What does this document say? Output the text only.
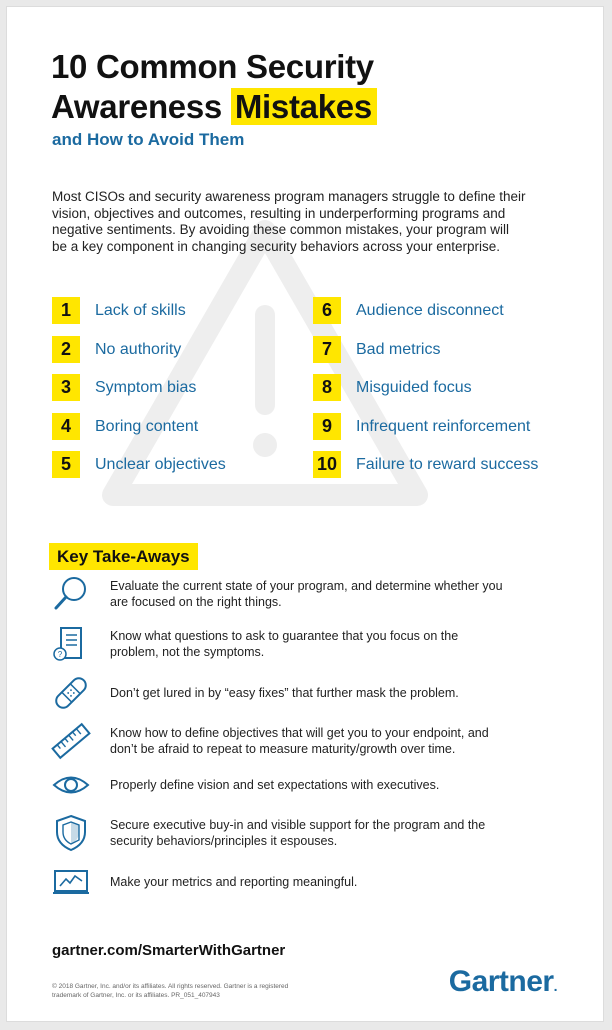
10 Common Security
Awareness Mistakes
and How to Avoid Them

Most CISOs and security awareness program managers struggle to define their vision, objectives and outcomes, resulting in underperforming programs and negative sentiments. By avoiding these common mistakes, your program will be a key component in changing security behaviors across your enterprise.

1	Lack of skills
2	No authority
3	Symptom bias
4	Boring content
5	Unclear objectives
6	Audience disconnect
7	Bad metrics
8	Misguided focus
9	Infrequent reinforcement
10 Failure to reward success
Key Take-Aways
Evaluate the current state of your program, and determine whether you are focused on the right things.
?
Know what questions to ask to guarantee that you focus on the problem, not the symptoms.
Don’t get lured in by “easy fixes” that further mask the problem.
Know how to define objectives that will get you to your endpoint, and don’t be afraid to repeat to measure maturity/growth over time.
Properly define vision and set expectations with executives.
Secure executive buy-in and visible support for the program and the security behaviors/principles it espouses.
Make your metrics and reporting meaningful.
gartner.com/SmarterWithGartner
© 2018 Gartner, Inc. and/or its affiliates. All rights reserved. Gartner is a registered trademark of Gartner, Inc. or its affiliates. PR_051_407943	Gartner.
